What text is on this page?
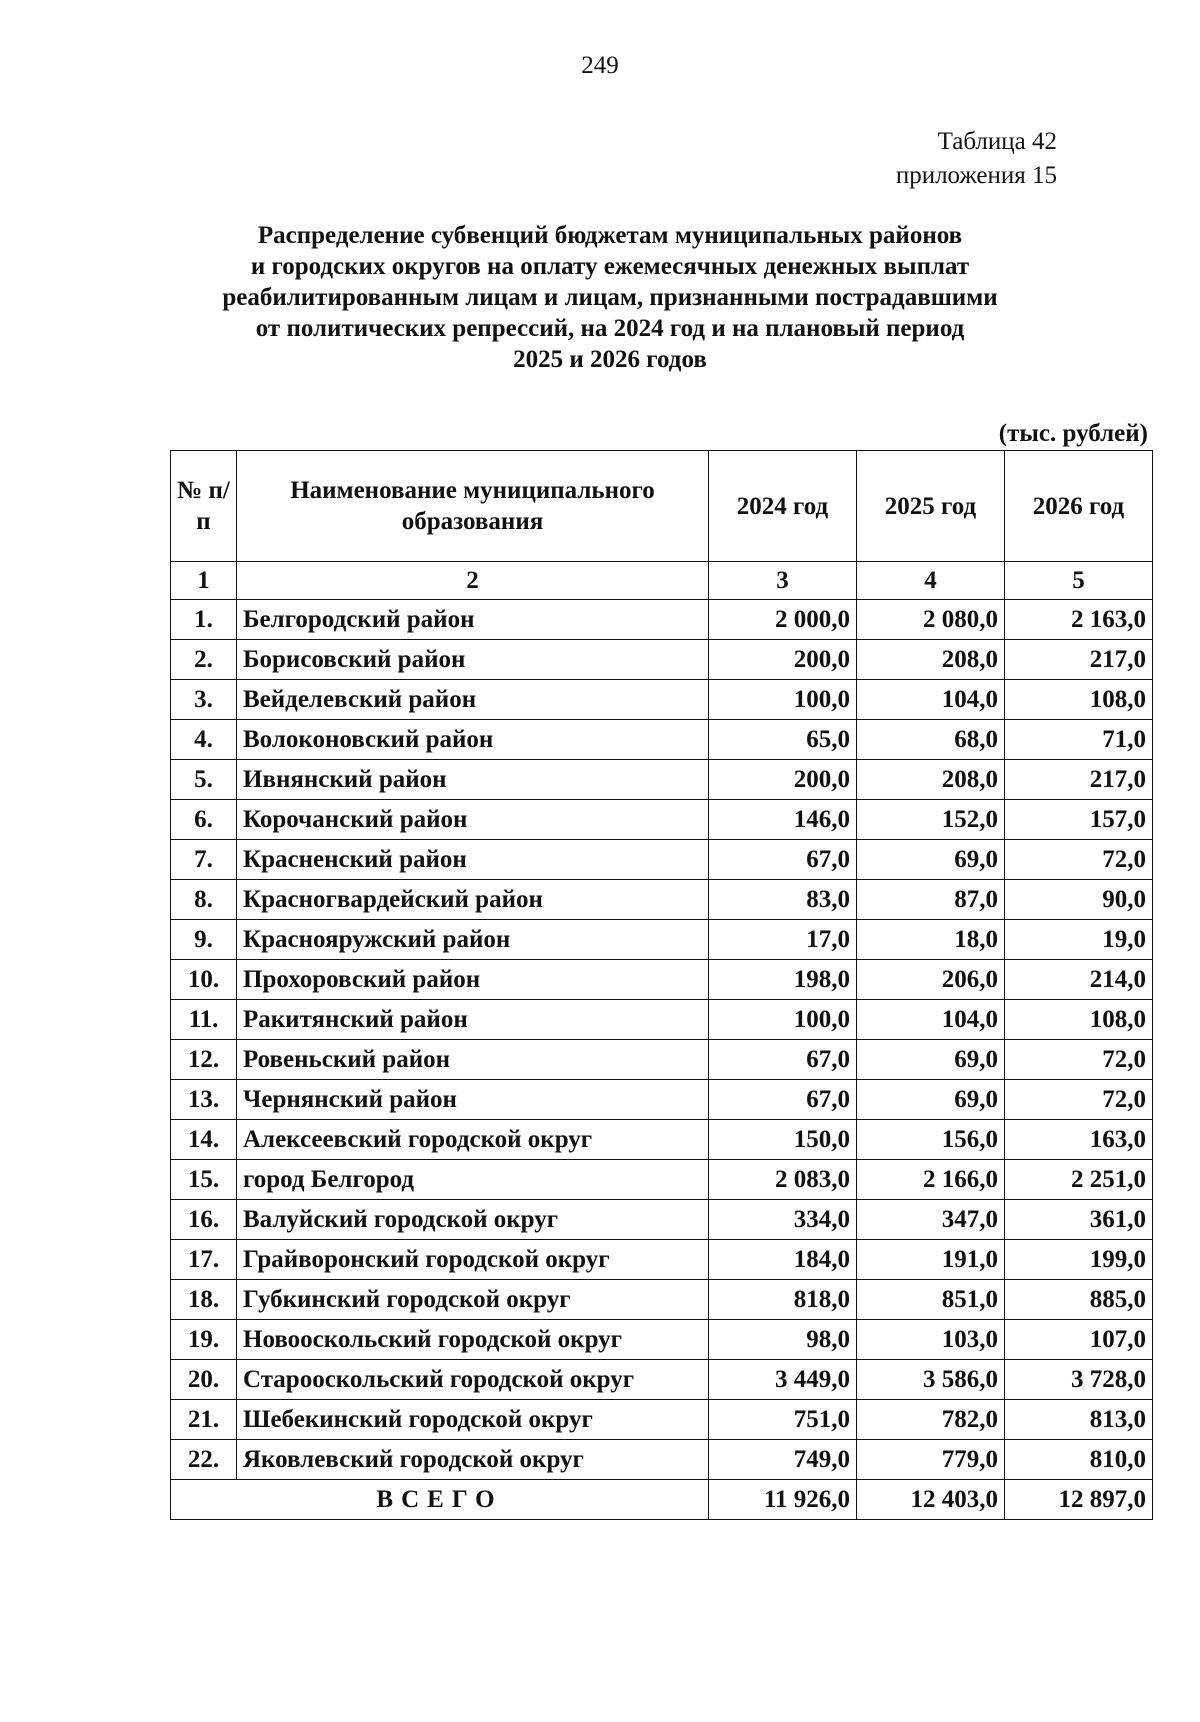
249
Таблица 42
приложения 15
Распределение субвенций бюджетам муниципальных районов
и городских округов на оплату ежемесячных денежных выплат
реабилитированным лицам и лицам, признанными пострадавшими
от политических репрессий, на 2024 год и на плановый период
2025 и 2026 годов
(тыс. рублей)
№ п/п	Наименование муниципального образования	2024 год	2025 год	2026 год
1	2	3	4	5
1.	Белгородский район	2 000,0	2 080,0	2 163,0
2.	Борисовский район	200,0	208,0	217,0
3.	Вейделевский район	100,0	104,0	108,0
4.	Волоконовский район	65,0	68,0	71,0
5.	Ивнянский район	200,0	208,0	217,0
6.	Корочанский район	146,0	152,0	157,0
7.	Красненский район	67,0	69,0	72,0
8.	Красногвардейский район	83,0	87,0	90,0
9.	Краснояружский район	17,0	18,0	19,0
10.	Прохоровский район	198,0	206,0	214,0
11.	Ракитянский район	100,0	104,0	108,0
12.	Ровеньский район	67,0	69,0	72,0
13.	Чернянский район	67,0	69,0	72,0
14.	Алексеевский городской округ	150,0	156,0	163,0
15.	город Белгород	2 083,0	2 166,0	2 251,0
16.	Валуйский городской округ	334,0	347,0	361,0
17.	Грайворонский городской округ	184,0	191,0	199,0
18.	Губкинский городской округ	818,0	851,0	885,0
19.	Новооскольский городской округ	98,0	103,0	107,0
20.	Старооскольский городской округ	3 449,0	3 586,0	3 728,0
21.	Шебекинский городской округ	751,0	782,0	813,0
22.	Яковлевский городской округ	749,0	779,0	810,0
ВСЕГО		11 926,0	12 403,0	12 897,0
